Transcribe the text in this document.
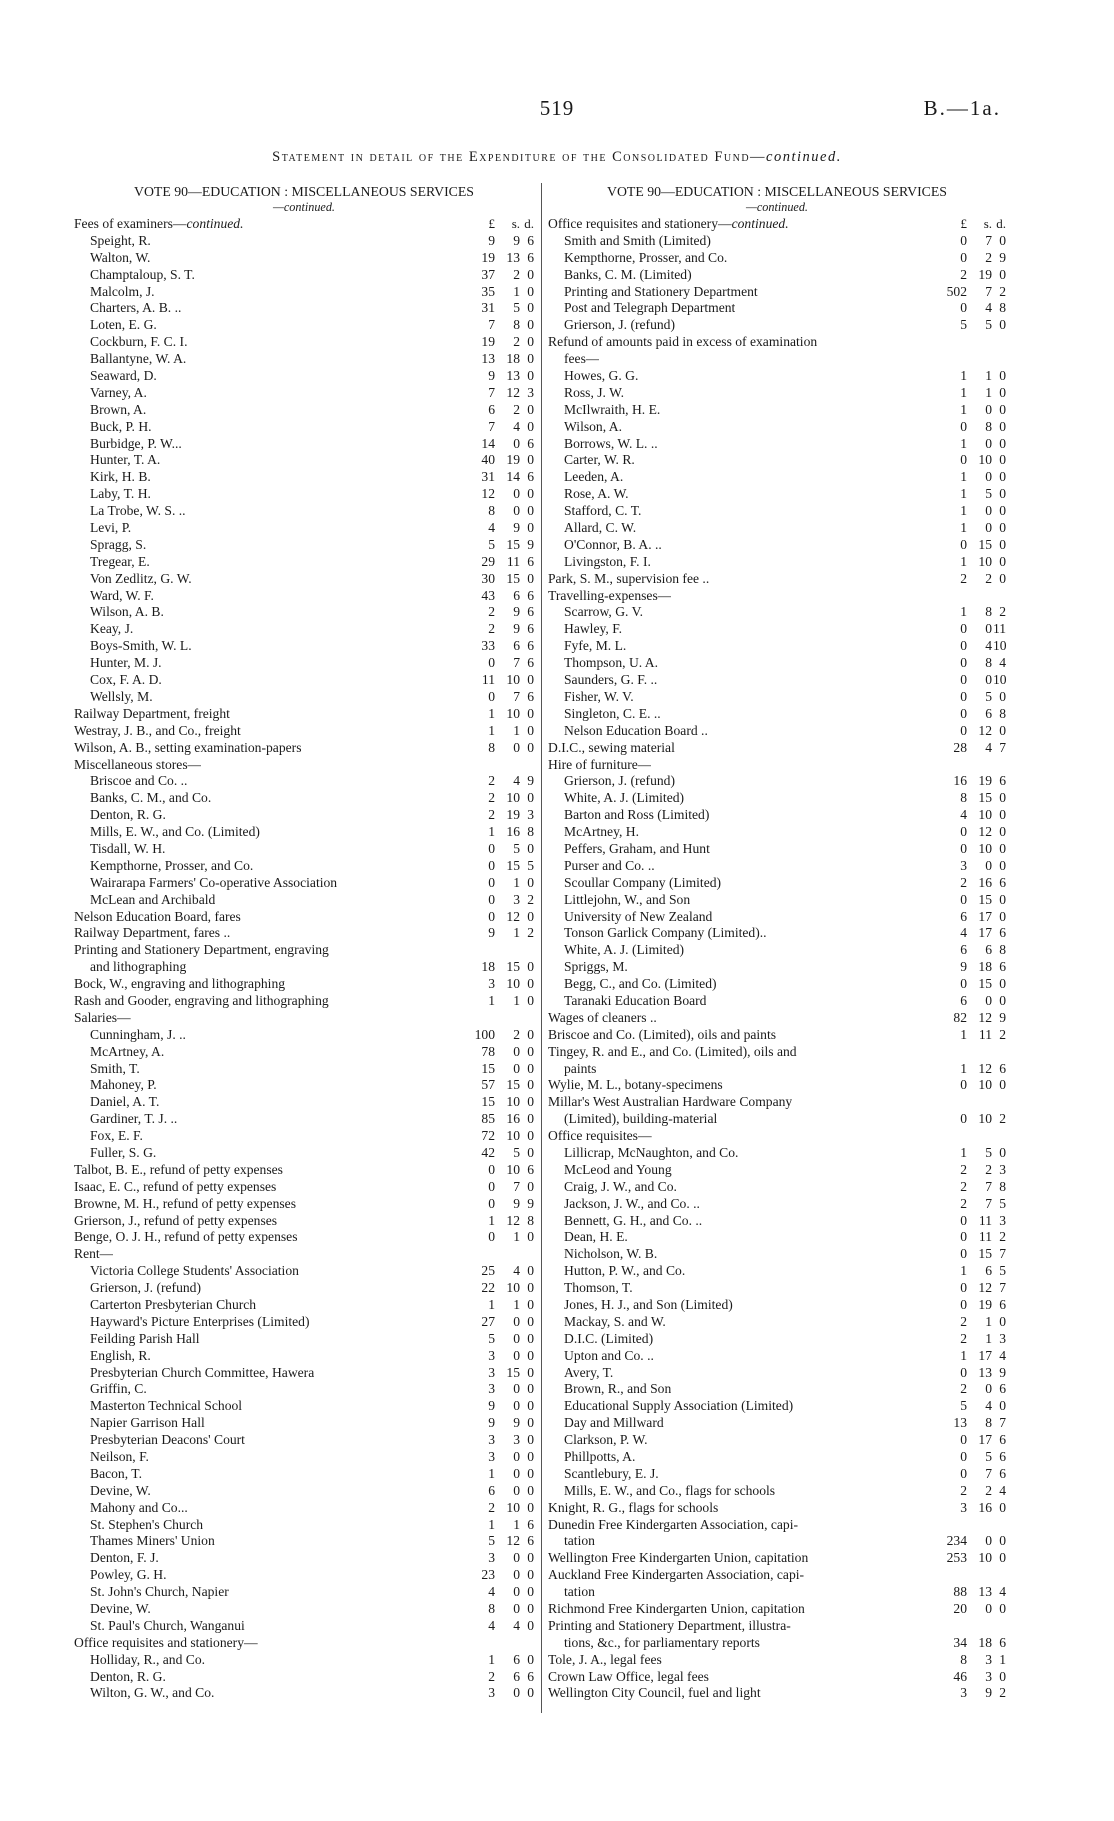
519	B.—1a.
Statement in detail of the Expenditure of the Consolidated Fund—continued.
VOTE 90—EDUCATION : MISCELLANEOUS SERVICES
—continued.
Fees of examiners—continued.	£	s. d.
Speight, R.	9	9 6
Walton, W.	19 13 6
Champtaloup, S. T.	37	2 0
Malcolm, J.	35	1 0
Charters, A. B. ..	31	5 0
Loten, E. G.	7	8 0
Cockburn, F. C. I.	19	2 0
Ballantyne, W. A.	13 18 0
Seaward, D.	9 13 0
Varney, A.	7 12 3
Brown, A.	6	2 0
Buck, P. H.	7	4 0
Burbidge, P. W...	14	0 6
Hunter, T. A.	40 19 0
Kirk, H. B.	31 14 6
Laby, T. H.	12	0 0
La Trobe, W. S. ..	8	0 0
Levi, P.	4	9 0
Spragg, S.	5 15 9
Tregear, E.	29 11 6
Von Zedlitz, G. W.	30 15 0
Ward, W. F.	43	6 6
Wilson, A. B.	2	9 6
Keay, J.	2	9 6
Boys-Smith, W. L.	33	6 6
Hunter, M. J.	0	7 6
Cox, F. A. D.	11 10 0
Wellsly, M.	0	7 6
Railway Department, freight	1 10 0
Westray, J. B., and Co., freight	1	1 0
Wilson, A. B., setting examination-papers	8	0 0
Miscellaneous stores—
Briscoe and Co. ..	2	4 9
Banks, C. M., and Co.	2 10 0
Denton, R. G.	2 19 3
Mills, E. W., and Co. (Limited)	1 16 8
Tisdall, W. H.	0	5 0
Kempthorne, Prosser, and Co.	0 15 5
Wairarapa Farmers' Co-operative Association	0	1 0
McLean and Archibald	0	3 2
Nelson Education Board, fares	0 12 0
Railway Department, fares ..	9	1 2
Printing and Stationery Department, engraving
and lithographing	18 15 0
Bock, W., engraving and lithographing	3 10 0
Rash and Gooder, engraving and lithographing	1	1 0
Salaries—
Cunningham, J. ..	100	2 0
McArtney, A.	78	0 0
Smith, T.	15	0 0
Mahoney, P.	57 15 0
Daniel, A. T.	15 10 0
Gardiner, T. J. ..	85 16 0
Fox, E. F.	72 10 0
Fuller, S. G.	42	5 0
Talbot, B. E., refund of petty expenses	0 10 6
Isaac, E. C., refund of petty expenses	0	7 0
Browne, M. H., refund of petty expenses	0	9 9
Grierson, J., refund of petty expenses	1 12 8
Benge, O. J. H., refund of petty expenses	0	1 0
Rent—
Victoria College Students' Association	25	4 0
Grierson, J. (refund)	22 10 0
Carterton Presbyterian Church	1	1 0
Hayward's Picture Enterprises (Limited)	27	0 0
Feilding Parish Hall	5	0 0
English, R.	3	0 0
Presbyterian Church Committee, Hawera	3 15 0
Griffin, C.	3	0 0
Masterton Technical School	9	0 0
Napier Garrison Hall	9	9 0
Presbyterian Deacons' Court	3	3 0
Neilson, F.	3	0 0
Bacon, T.	1	0 0
Devine, W.	6	0 0
Mahony and Co...	2 10 0
St. Stephen's Church	1	1 6
Thames Miners' Union	5 12 6
Denton, F. J.	3	0 0
Powley, G. H.	23	0 0
St. John's Church, Napier	4	0 0
Devine, W.	8	0 0
St. Paul's Church, Wanganui	4	4 0
Office requisites and stationery—
Holliday, R., and Co.	1	6 0
Denton, R. G.	2	6 6
Wilton, G. W., and Co.	3	0 0
VOTE 90—EDUCATION : MISCELLANEOUS SERVICES
—continued.
Office requisites and stationery—continued.	£	s. d.
Smith and Smith (Limited)	0	7 0
Kempthorne, Prosser, and Co.	0	2 9
Banks, C. M. (Limited)	2 19 0
Printing and Stationery Department	502	7 2
Post and Telegraph Department	0	4 8
Grierson, J. (refund)	5	5 0
Refund of amounts paid in excess of examination
fees—
Howes, G. G.	1	1 0
Ross, J. W.	1	1 0
McIlwraith, H. E.	1	0 0
Wilson, A.	0	8 0
Borrows, W. L. ..	1	0 0
Carter, W. R.	0 10 0
Leeden, A.	1	0 0
Rose, A. W.	1	5 0
Stafford, C. T.	1	0 0
Allard, C. W.	1	0 0
O'Connor, B. A. ..	0 15 0
Livingston, F. I.	1 10 0
Park, S. M., supervision fee ..	2	2 0
Travelling-expenses—
Scarrow, G. V.	1	8 2
Hawley, F.	0	0 11
Fyfe, M. L.	0	4 10
Thompson, U. A.	0	8 4
Saunders, G. F. ..	0	0 10
Fisher, W. V.	0	5 0
Singleton, C. E. ..	0	6 8
Nelson Education Board ..	0 12 0
D.I.C., sewing material	28	4 7
Hire of furniture—
Grierson, J. (refund)	16 19 6
White, A. J. (Limited)	8 15 0
Barton and Ross (Limited)	4 10 0
McArtney, H.	0 12 0
Peffers, Graham, and Hunt	0 10 0
Purser and Co. ..	3	0 0
Scoullar Company (Limited)	2 16 6
Littlejohn, W., and Son	0 15 0
University of New Zealand	6 17 0
Tonson Garlick Company (Limited)..	4 17 6
White, A. J. (Limited)	6	6 8
Spriggs, M.	9 18 6
Begg, C., and Co. (Limited)	0 15 0
Taranaki Education Board	6	0 0
Wages of cleaners ..	82 12 9
Briscoe and Co. (Limited), oils and paints	1 11 2
Tingey, R. and E., and Co. (Limited), oils and
paints	1 12 6
Wylie, M. L., botany-specimens	0 10 0
Millar's West Australian Hardware Company
(Limited), building-material	0 10 2
Office requisites—
Lillicrap, McNaughton, and Co.	1	5 0
McLeod and Young	2	2 3
Craig, J. W., and Co.	2	7 8
Jackson, J. W., and Co. ..	2	7 5
Bennett, G. H., and Co. ..	0 11 3
Dean, H. E.	0 11 2
Nicholson, W. B.	0 15 7
Hutton, P. W., and Co.	1	6 5
Thomson, T.	0 12 7
Jones, H. J., and Son (Limited)	0 19 6
Mackay, S. and W.	2	1 0
D.I.C. (Limited)	2	1 3
Upton and Co. ..	1 17 4
Avery, T.	0 13 9
Brown, R., and Son	2	0 6
Educational Supply Association (Limited)	5	4 0
Day and Millward	13	8 7
Clarkson, P. W.	0 17 6
Phillpotts, A.	0	5 6
Scantlebury, E. J.	0	7 6
Mills, E. W., and Co., flags for schools	2	2 4
Knight, R. G., flags for schools	3 16 0
Dunedin Free Kindergarten Association, capi-
tation	234	0 0
Wellington Free Kindergarten Union, capitation	253 10 0
Auckland Free Kindergarten Association, capi-
tation	88 13 4
Richmond Free Kindergarten Union, capitation	20	0 0
Printing and Stationery Department, illustra-
tions, &c., for parliamentary reports	34 18 6
Tole, J. A., legal fees	8	3 1
Crown Law Office, legal fees	46	3 0
Wellington City Council, fuel and light	3	9 2
